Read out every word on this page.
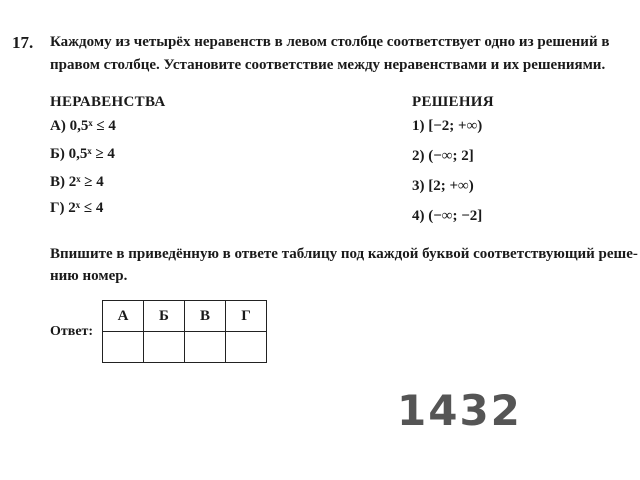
17. Каждому из четырёх неравенств в левом столбце соответствует одно из решений в
правом столбце. Установите соответствие между неравенствами и их решениями.
НЕРАВЕНСТВА
А) 0,5ˣ ≤ 4
Б) 0,5ˣ ≥ 4
В) 2ˣ ≥ 4
Г) 2ˣ ≤ 4
РЕШЕНИЯ
1) [−2; +∞)
2) (−∞; 2]
3) [2; +∞)
4) (−∞; −2]
Впишите в приведённую в ответе таблицу под каждой буквой соответствующий реше-
нию номер.
Ответ:
А	Б	В	Г

1432
